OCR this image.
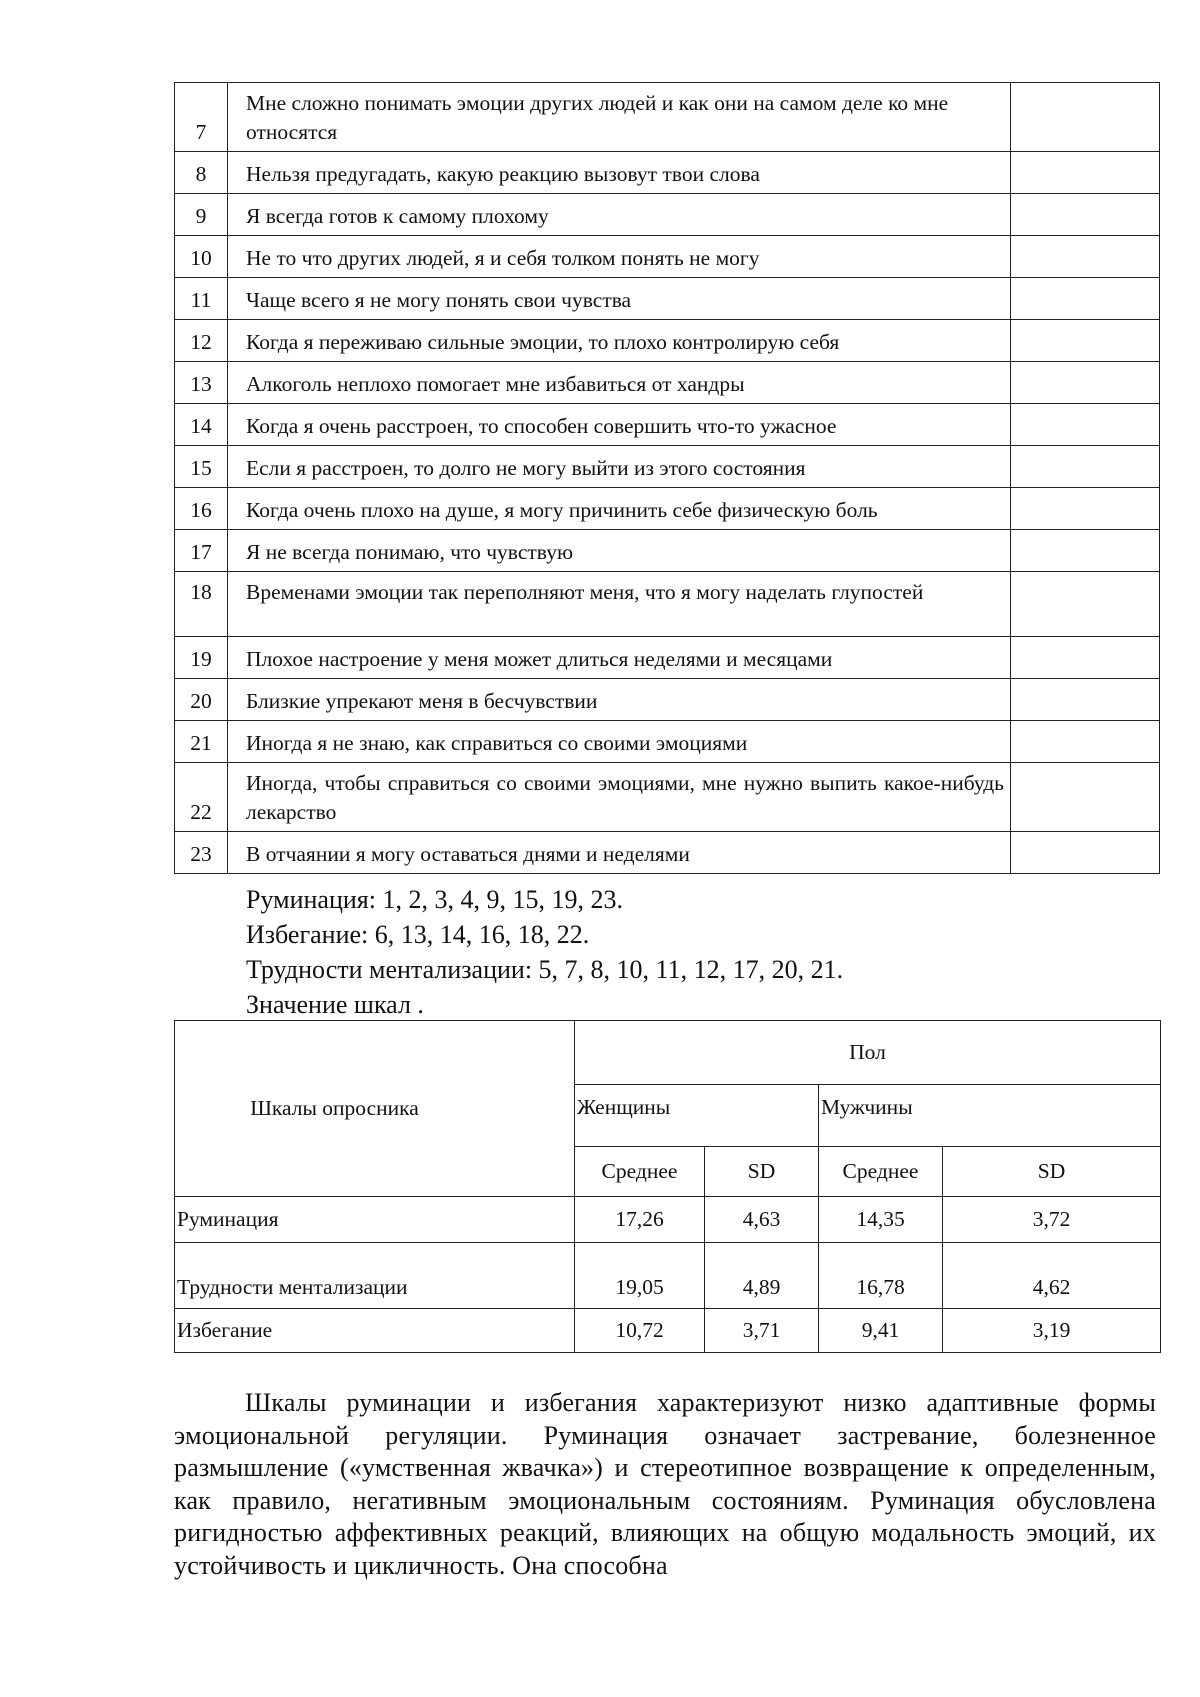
7	Мне сложно понимать эмоции других людей и как они на самом деле ко мне относятся	
8	Нельзя предугадать, какую реакцию вызовут твои слова	
9	Я всегда готов к самому плохому	
10	Не то что других людей, я и себя толком понять не могу	
11	Чаще всего я не могу понять свои чувства	
12	Когда я переживаю сильные эмоции, то плохо контролирую себя	
13	Алкоголь неплохо помогает мне избавиться от хандры	
14	Когда я очень расстроен, то способен совершить что-то ужасное	
15	Если я расстроен, то долго не могу выйти из этого состояния	
16	Когда очень плохо на душе, я могу причинить себе физическую боль	
17	Я не всегда понимаю, что чувствую	
18	Временами эмоции так переполняют меня, что я могу наделать глупостей	
19	Плохое настроение у меня может длиться неделями и месяцами	
20	Близкие упрекают меня в бесчувствии	
21	Иногда я не знаю, как справиться со своими эмоциями	
22	Иногда, чтобы справиться со своими эмоциями, мне нужно выпить какое-нибудь лекарство	
23	В отчаянии я могу оставаться днями и неделями	
Руминация: 1, 2, 3, 4, 9, 15, 19, 23.
Избегание: 6, 13, 14, 16, 18, 22.
Трудности ментализации: 5, 7, 8, 10, 11, 12, 17, 20, 21.
Значение шкал .
Шкалы опросника	Пол			
	Женщины		Мужчины	
	Среднее	SD	Среднее	SD
Руминация	17,26	4,63	14,35	3,72
Трудности ментализации	19,05	4,89	16,78	4,62
Избегание	10,72	3,71	9,41	3,19
Шкалы руминации и избегания характеризуют низко адаптивные формы эмоциональной регуляции. Руминация означает застревание, болезненное размышление («умственная жвачка») и стереотипное возвращение к определенным, как правило, негативным эмоциональным состояниям. Руминация обусловлена ригидностью аффективных реакций, влияющих на общую модальность эмоций, их устойчивость и цикличность. Она способна
